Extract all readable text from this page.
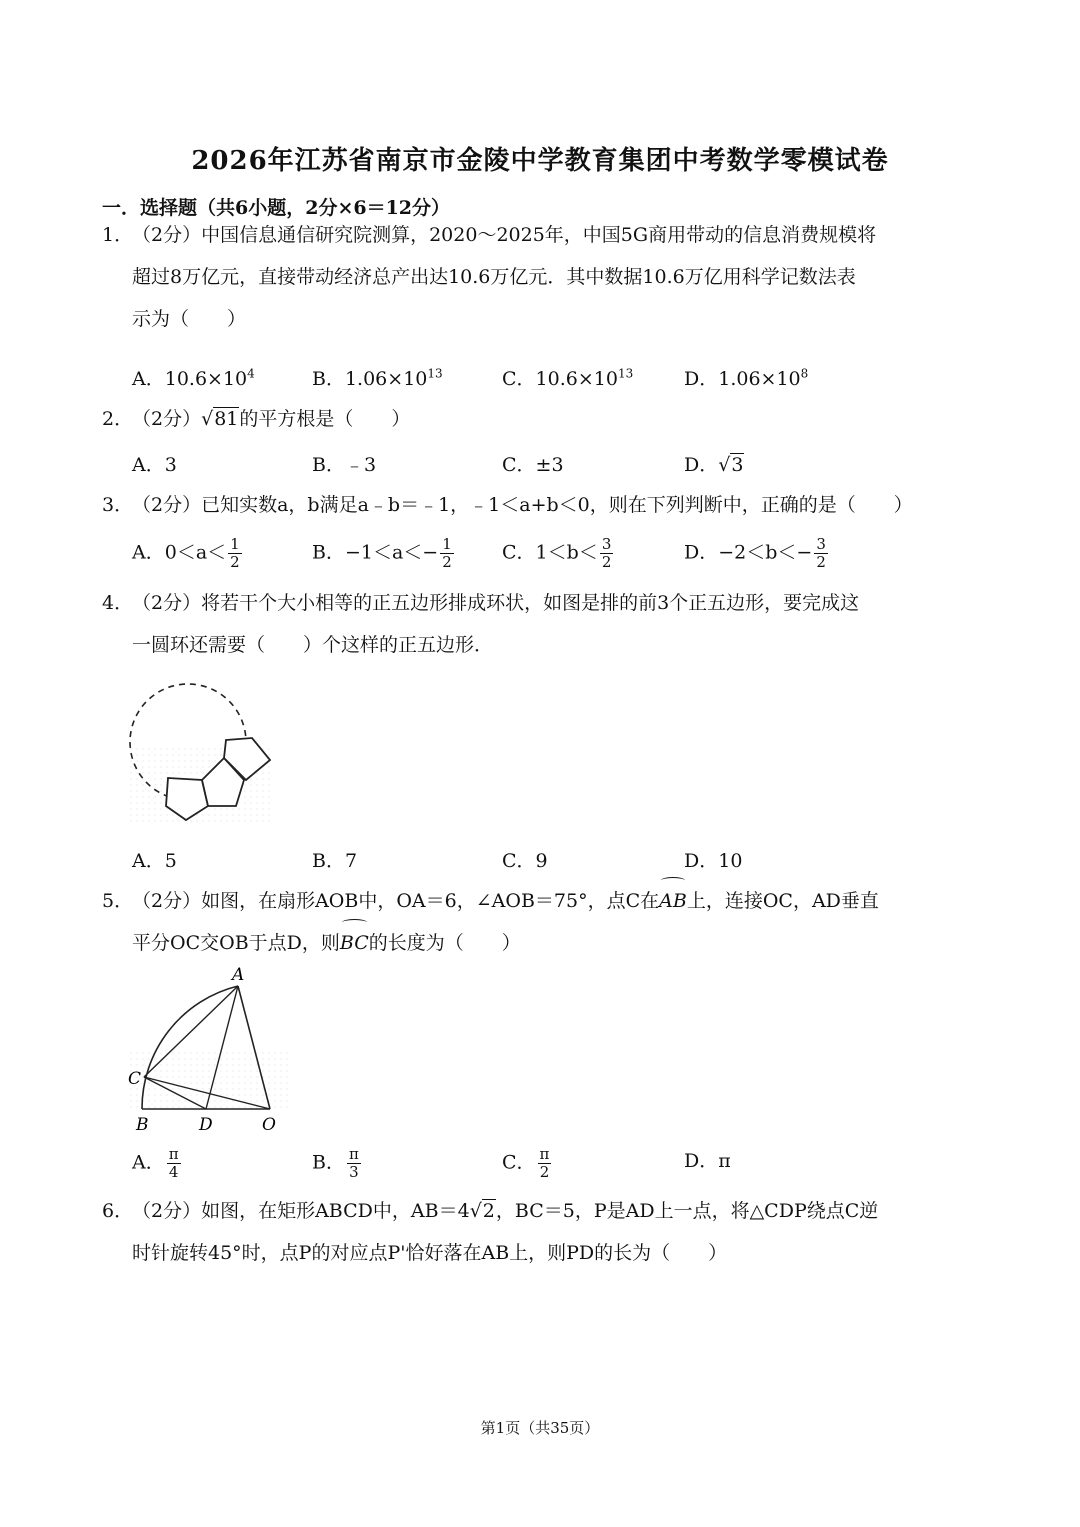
2026年江苏省南京市金陵中学教育集团中考数学零模试卷
一．选择题（共6小题，2分×6＝12分）
1．（2分）中国信息通信研究院测算，2020～2025年，中国5G商用带动的信息消费规模将
超过8万亿元，直接带动经济总产出达10.6万亿元．其中数据10.6万亿用科学记数法表
示为（　　）
A．$10.6\times 10^4$	B．$1.06\times 10^{13}$	C．$10.6\times 10^{13}$	D．$1.06\times 10^8$
2．（2分）√81的平方根是（　　）
A．3	B．﹣3	C．±3	D．√3
3．（2分）已知实数a，b满足a﹣b＝﹣1，﹣1＜a+b＜0，则在下列判断中，正确的是（　　）
A．$0<a< \frac{1}{2}$	B．$-1<a<- \frac{1}{2}$	C．$1<b< \frac{3}{2}$	D．$-2<b<- \frac{3}{2}$
4．（2分）将若干个大小相等的正五边形排成环状，如图是排的前3个正五边形，要完成这
一圆环还需要（　　）个这样的正五边形．
A．5	B．7	C．9	D．10
5．（2分）如图，在扇形AOB中，OA＝6，∠AOB＝75°，点C在AB上，连接OC，AD垂直
平分OC交OB于点D，则BC的长度为（　　）
A
C
B	D	O
A． $\frac{\pi}{4}$	B． $\frac{\pi}{3}$	C． $\frac{\pi}{2}$	D．π
6．（2分）如图，在矩形ABCD中，AB＝4√2，BC＝5，P是AD上一点，将△CDP绕点C逆
时针旋转45°时，点P的对应点P'恰好落在AB上，则PD的长为（　　）
第1页（共35页）
